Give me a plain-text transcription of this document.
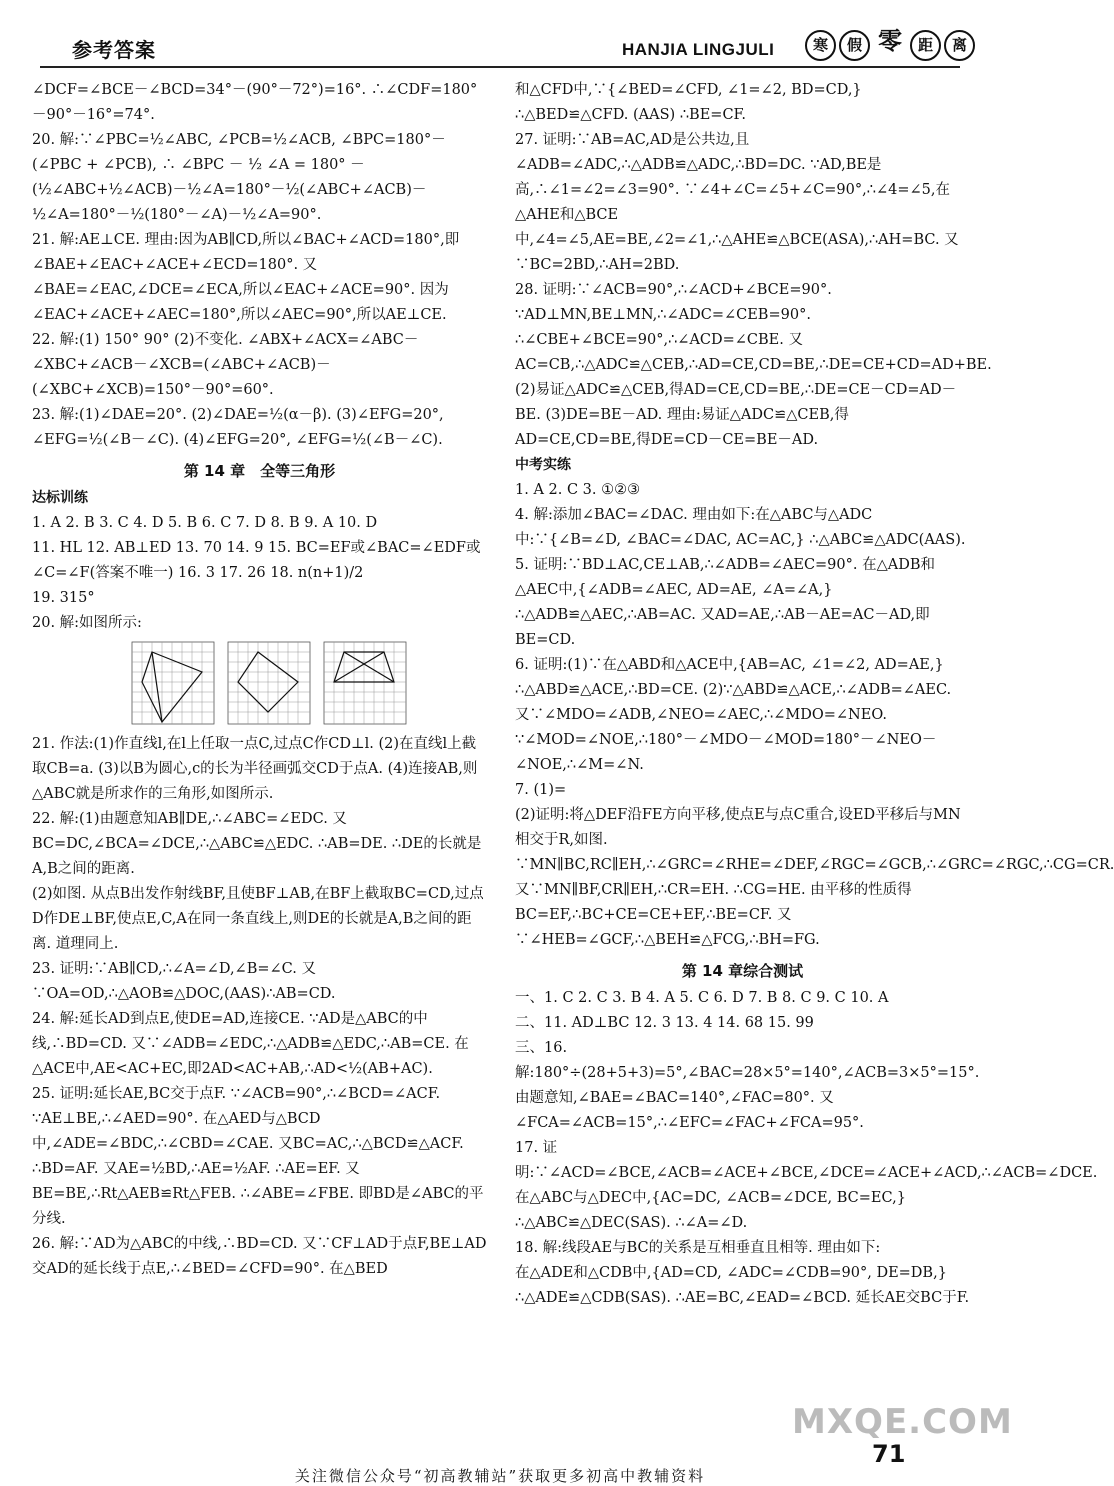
参考答案	HANJIA LINGJULI	寒	假 零	距	离

∠DCF=∠BCE－∠BCD=34°－(90°－72°)=16°. ∴∠CDF=180°－90°－16°=74°.

20. 解:∵∠PBC=½∠ABC, ∠PCB=½∠ACB, ∠BPC=180°－(∠PBC + ∠PCB), ∴ ∠BPC － ½ ∠A = 180° － (½∠ABC+½∠ACB)－½∠A=180°－½(∠ABC+∠ACB)－½∠A=180°－½(180°－∠A)－½∠A=90°.

21. 解:AE⊥CE. 理由:因为AB∥CD,所以∠BAC+∠ACD=180°,即∠BAE+∠EAC+∠ACE+∠ECD=180°. 又∠BAE=∠EAC,∠DCE=∠ECA,所以∠EAC+∠ACE=90°. 因为∠EAC+∠ACE+∠AEC=180°,所以∠AEC=90°,所以AE⊥CE.

22. 解:(1) 150° 90° (2)不变化. ∠ABX+∠ACX=∠ABC－∠XBC+∠ACB－∠XCB=(∠ABC+∠ACB)－(∠XBC+∠XCB)=150°－90°=60°.

23. 解:(1)∠DAE=20°. (2)∠DAE=½(α－β). (3)∠EFG=20°, ∠EFG=½(∠B－∠C). (4)∠EFG=20°, ∠EFG=½(∠B－∠C).

第 14 章　全等三角形
达标训练

1. A 2. B 3. C 4. D 5. B 6. C 7. D 8. B 9. A 10. D

11. HL 12. AB⊥ED 13. 70 14. 9 15. BC=EF或∠BAC=∠EDF或∠C=∠F(答案不唯一) 16. 3 17. 26 18. n(n+1)/2

19. 315°

20. 解:如图所示:

21. 作法:(1)作直线l,在l上任取一点C,过点C作CD⊥l. (2)在直线l上截取CB=a. (3)以B为圆心,c的长为半径画弧交CD于点A. (4)连接AB,则△ABC就是所求作的三角形,如图所示.

22. 解:(1)由题意知AB∥DE,∴∠ABC=∠EDC. 又BC=DC,∠BCA=∠DCE,∴△ABC≌△EDC. ∴AB=DE. ∴DE的长就是A,B之间的距离.

(2)如图. 从点B出发作射线BF,且使BF⊥AB,在BF上截取BC=CD,过点D作DE⊥BF,使点E,C,A在同一条直线上,则DE的长就是A,B之间的距离. 道理同上.

23. 证明:∵AB∥CD,∴∠A=∠D,∠B=∠C. 又∵OA=OD,∴△AOB≌△DOC,(AAS)∴AB=CD.

24. 解:延长AD到点E,使DE=AD,连接CE. ∵AD是△ABC的中线,∴BD=CD. 又∵∠ADB=∠EDC,∴△ADB≌△EDC,∴AB=CE. 在△ACE中,AE<AC+EC,即2AD<AC+AB,∴AD<½(AB+AC).

25. 证明:延长AE,BC交于点F. ∵∠ACB=90°,∴∠BCD=∠ACF. ∵AE⊥BE,∴∠AED=90°. 在△AED与△BCD中,∠ADE=∠BDC,∴∠CBD=∠CAE. 又BC=AC,∴△BCD≌△ACF. ∴BD=AF. 又AE=½BD,∴AE=½AF. ∴AE=EF. 又BE=BE,∴Rt△AEB≌Rt△FEB. ∴∠ABE=∠FBE. 即BD是∠ABC的平分线.

26. 解:∵AD为△ABC的中线,∴BD=CD. 又∵CF⊥AD于点F,BE⊥AD交AD的延长线于点E,∴∠BED=∠CFD=90°. 在△BED

和△CFD中,∵{∠BED=∠CFD, ∠1=∠2, BD=CD,} ∴△BED≌△CFD. (AAS) ∴BE=CF.

27. 证明:∵AB=AC,AD是公共边,且∠ADB=∠ADC,∴△ADB≌△ADC,∴BD=DC. ∵AD,BE是高,∴∠1=∠2=∠3=90°. ∵∠4+∠C=∠5+∠C=90°,∴∠4=∠5,在△AHE和△BCE中,∠4=∠5,AE=BE,∠2=∠1,∴△AHE≌△BCE(ASA),∴AH=BC. 又∵BC=2BD,∴AH=2BD.

28. 证明:∵∠ACB=90°,∴∠ACD+∠BCE=90°. ∵AD⊥MN,BE⊥MN,∴∠ADC=∠CEB=90°. ∴∠CBE+∠BCE=90°,∴∠ACD=∠CBE. 又AC=CB,∴△ADC≌△CEB,∴AD=CE,CD=BE,∴DE=CE+CD=AD+BE. (2)易证△ADC≌△CEB,得AD=CE,CD=BE,∴DE=CE－CD=AD－BE. (3)DE=BE－AD. 理由:易证△ADC≌△CEB,得AD=CE,CD=BE,得DE=CD－CE=BE－AD.

中考实练

1. A 2. C 3. ①②③

4. 解:添加∠BAC=∠DAC. 理由如下:在△ABC与△ADC中:∵{∠B=∠D, ∠BAC=∠DAC, AC=AC,} ∴△ABC≌△ADC(AAS).

5. 证明:∵BD⊥AC,CE⊥AB,∴∠ADB=∠AEC=90°. 在△ADB和△AEC中,{∠ADB=∠AEC, AD=AE, ∠A=∠A,} ∴△ADB≌△AEC,∴AB=AC. 又AD=AE,∴AB－AE=AC－AD,即BE=CD.

6. 证明:(1)∵在△ABD和△ACE中,{AB=AC, ∠1=∠2, AD=AE,} ∴△ABD≌△ACE,∴BD=CE. (2)∵△ABD≌△ACE,∴∠ADB=∠AEC. 又∵∠MDO=∠ADB,∠NEO=∠AEC,∴∠MDO=∠NEO. ∵∠MOD=∠NOE,∴180°－∠MDO－∠MOD=180°－∠NEO－∠NOE,∴∠M=∠N.

7. (1)=

(2)证明:将△DEF沿FE方向平移,使点E与点C重合,设ED平移后与MN相交于R,如图. ∵MN∥BC,RC∥EH,∴∠GRC=∠RHE=∠DEF,∠RGC=∠GCB,∴∠GRC=∠RGC,∴CG=CR. 又∵MN∥BF,CR∥EH,∴CR=EH. ∴CG=HE. 由平移的性质得BC=EF,∴BC+CE=CE+EF,∴BE=CF. 又∵∠HEB=∠GCF,∴△BEH≌△FCG,∴BH=FG.

第 14 章综合测试

一、1. C 2. C 3. B 4. A 5. C 6. D 7. B 8. C 9. C 10. A

二、11. AD⊥BC 12. 3 13. 4 14. 68 15. 99

三、16. 解:180°÷(28+5+3)=5°,∠BAC=28×5°=140°,∠ACB=3×5°=15°. 由题意知,∠BAE=∠BAC=140°,∠FAC=80°. 又∠FCA=∠ACB=15°,∴∠EFC=∠FAC+∠FCA=95°.

17. 证明:∵∠ACD=∠BCE,∠ACB=∠ACE+∠BCE,∠DCE=∠ACE+∠ACD,∴∠ACB=∠DCE. 在△ABC与△DEC中,{AC=DC, ∠ACB=∠DCE, BC=EC,} ∴△ABC≌△DEC(SAS). ∴∠A=∠D.

18. 解:线段AE与BC的关系是互相垂直且相等. 理由如下:

在△ADE和△CDB中,{AD=CD, ∠ADC=∠CDB=90°, DE=DB,} ∴△ADE≌△CDB(SAS). ∴AE=BC,∠EAD=∠BCD. 延长AE交BC于F.

MXQE.COM
71
关注微信公众号“初高教辅站”获取更多初高中教辅资料
